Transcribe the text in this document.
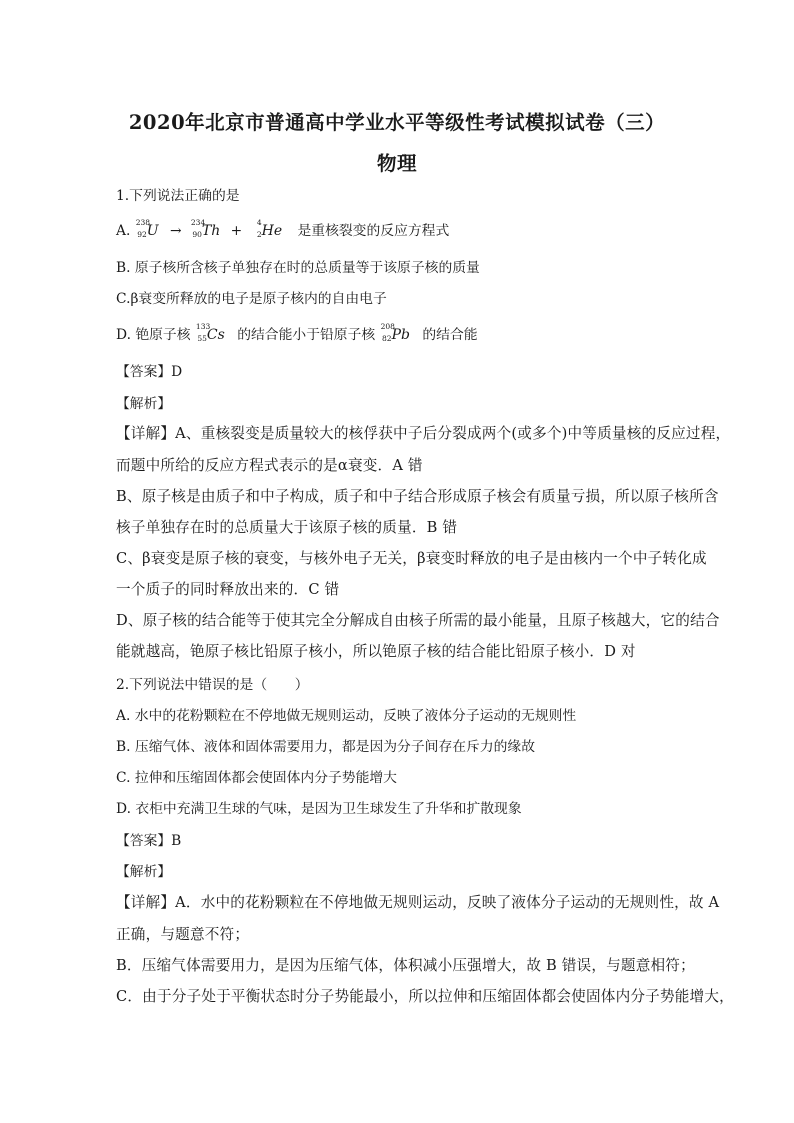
2020年北京市普通高中学业水平等级性考试模拟试卷（三）
物理
1.下列说法正确的是
A.
238
92 U →
234
90 Th +
4
2 He 是重核裂变的反应方程式
B. 原子核所含核子单独存在时的总质量等于该原子核的质量
C.β衰变所释放的电子是原子核内的自由电子
D. 铯原子核
133
55 Cs 的结合能小于铅原子核
208
82 Pb 的结合能
【答案】D
【解析】
【详解】A、重核裂变是质量较大的核俘获中子后分裂成两个(或多个)中等质量核的反应过程，
而题中所给的反应方程式表示的是α衰变．A 错
B、原子核是由质子和中子构成，质子和中子结合形成原子核会有质量亏损，所以原子核所含
核子单独存在时的总质量大于该原子核的质量．B 错
C、β衰变是原子核的衰变，与核外电子无关，β衰变时释放的电子是由核内一个中子转化成
一个质子的同时释放出来的．C 错
D、原子核的结合能等于使其完全分解成自由核子所需的最小能量，且原子核越大，它的结合
能就越高，铯原子核比铅原子核小，所以铯原子核的结合能比铅原子核小．D 对
2.下列说法中错误的是（　　）
A. 水中的花粉颗粒在不停地做无规则运动，反映了液体分子运动的无规则性
B. 压缩气体、液体和固体需要用力，都是因为分子间存在斥力的缘故
C. 拉伸和压缩固体都会使固体内分子势能增大
D. 衣柜中充满卫生球的气味，是因为卫生球发生了升华和扩散现象
【答案】B
【解析】
【详解】A．水中的花粉颗粒在不停地做无规则运动，反映了液体分子运动的无规则性，故 A
正确，与题意不符；
B．压缩气体需要用力，是因为压缩气体，体积减小压强增大，故 B 错误，与题意相符；
C．由于分子处于平衡状态时分子势能最小，所以拉伸和压缩固体都会使固体内分子势能增大，
